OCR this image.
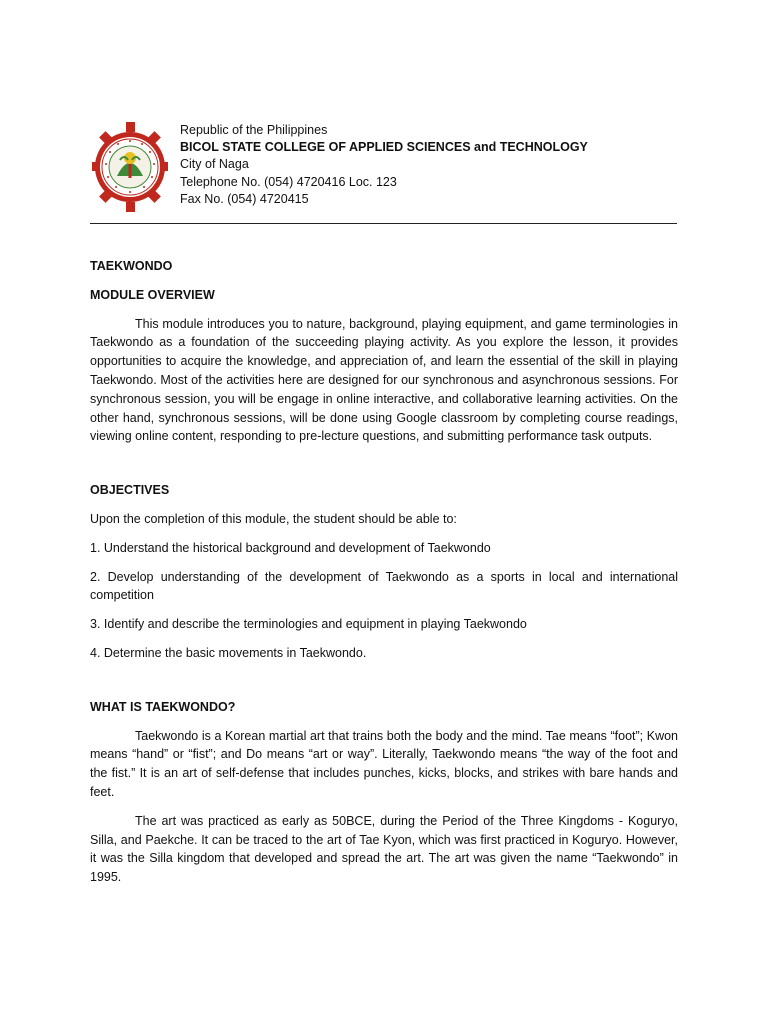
Republic of the Philippines
BICOL STATE COLLEGE OF APPLIED SCIENCES and TECHNOLOGY
City of Naga
Telephone No. (054) 4720416 Loc. 123
Fax No. (054) 4720415

TAEKWONDO

MODULE OVERVIEW

This module introduces you to nature, background, playing equipment, and game terminologies in Taekwondo as a foundation of the succeeding playing activity. As you explore the lesson, it provides opportunities to acquire the knowledge, and appreciation of, and learn the essential of the skill in playing Taekwondo. Most of the activities here are designed for our synchronous and asynchronous sessions. For synchronous session, you will be engage in online interactive, and collaborative learning activities. On the other hand, synchronous sessions, will be done using Google classroom by completing course readings, viewing online content, responding to pre-lecture questions, and submitting performance task outputs.

OBJECTIVES

Upon the completion of this module, the student should be able to:

1. Understand the historical background and development of Taekwondo

2. Develop understanding of the development of Taekwondo as a sports in local and international competition

3. Identify and describe the terminologies and equipment in playing Taekwondo

4. Determine the basic movements in Taekwondo.

WHAT IS TAEKWONDO?

Taekwondo is a Korean martial art that trains both the body and the mind. Tae means “foot”; Kwon means “hand” or “fist”; and Do means “art or way”. Literally, Taekwondo means “the way of the foot and the fist.” It is an art of self-defense that includes punches, kicks, blocks, and strikes with bare hands and feet.

The art was practiced as early as 50BCE, during the Period of the Three Kingdoms - Koguryo, Silla, and Paekche. It can be traced to the art of Tae Kyon, which was first practiced in Koguryo. However, it was the Silla kingdom that developed and spread the art. The art was given the name “Taekwondo” in 1995.
